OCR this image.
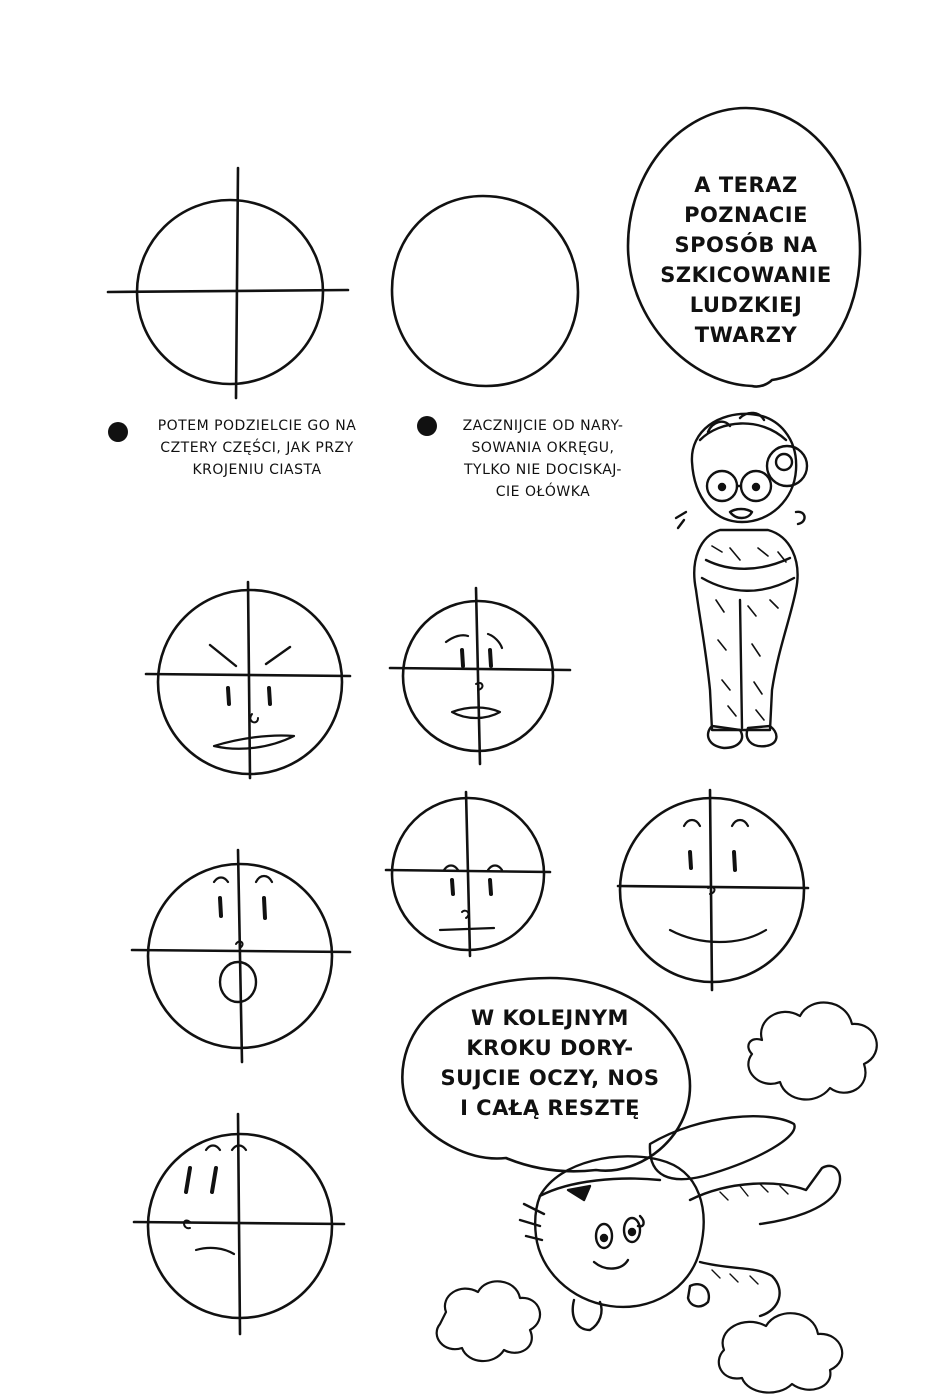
A TERAZ
POZNACIE
SPOSÓB NA
SZKICOWANIE
LUDZKIEJ
TWARZY
POTEM PODZIELCIE GO NA
CZTERY CZĘŚCI, JAK PRZY
KROJENIU CIASTA
ZACZNIJCIE OD NARY-
SOWANIA OKRĘGU,
TYLKO NIE DOCISKAJ-
CIE OŁÓWKA
W KOLEJNYM
KROKU DORY-
SUJCIE OCZY, NOS
I CAŁĄ RESZTĘ
